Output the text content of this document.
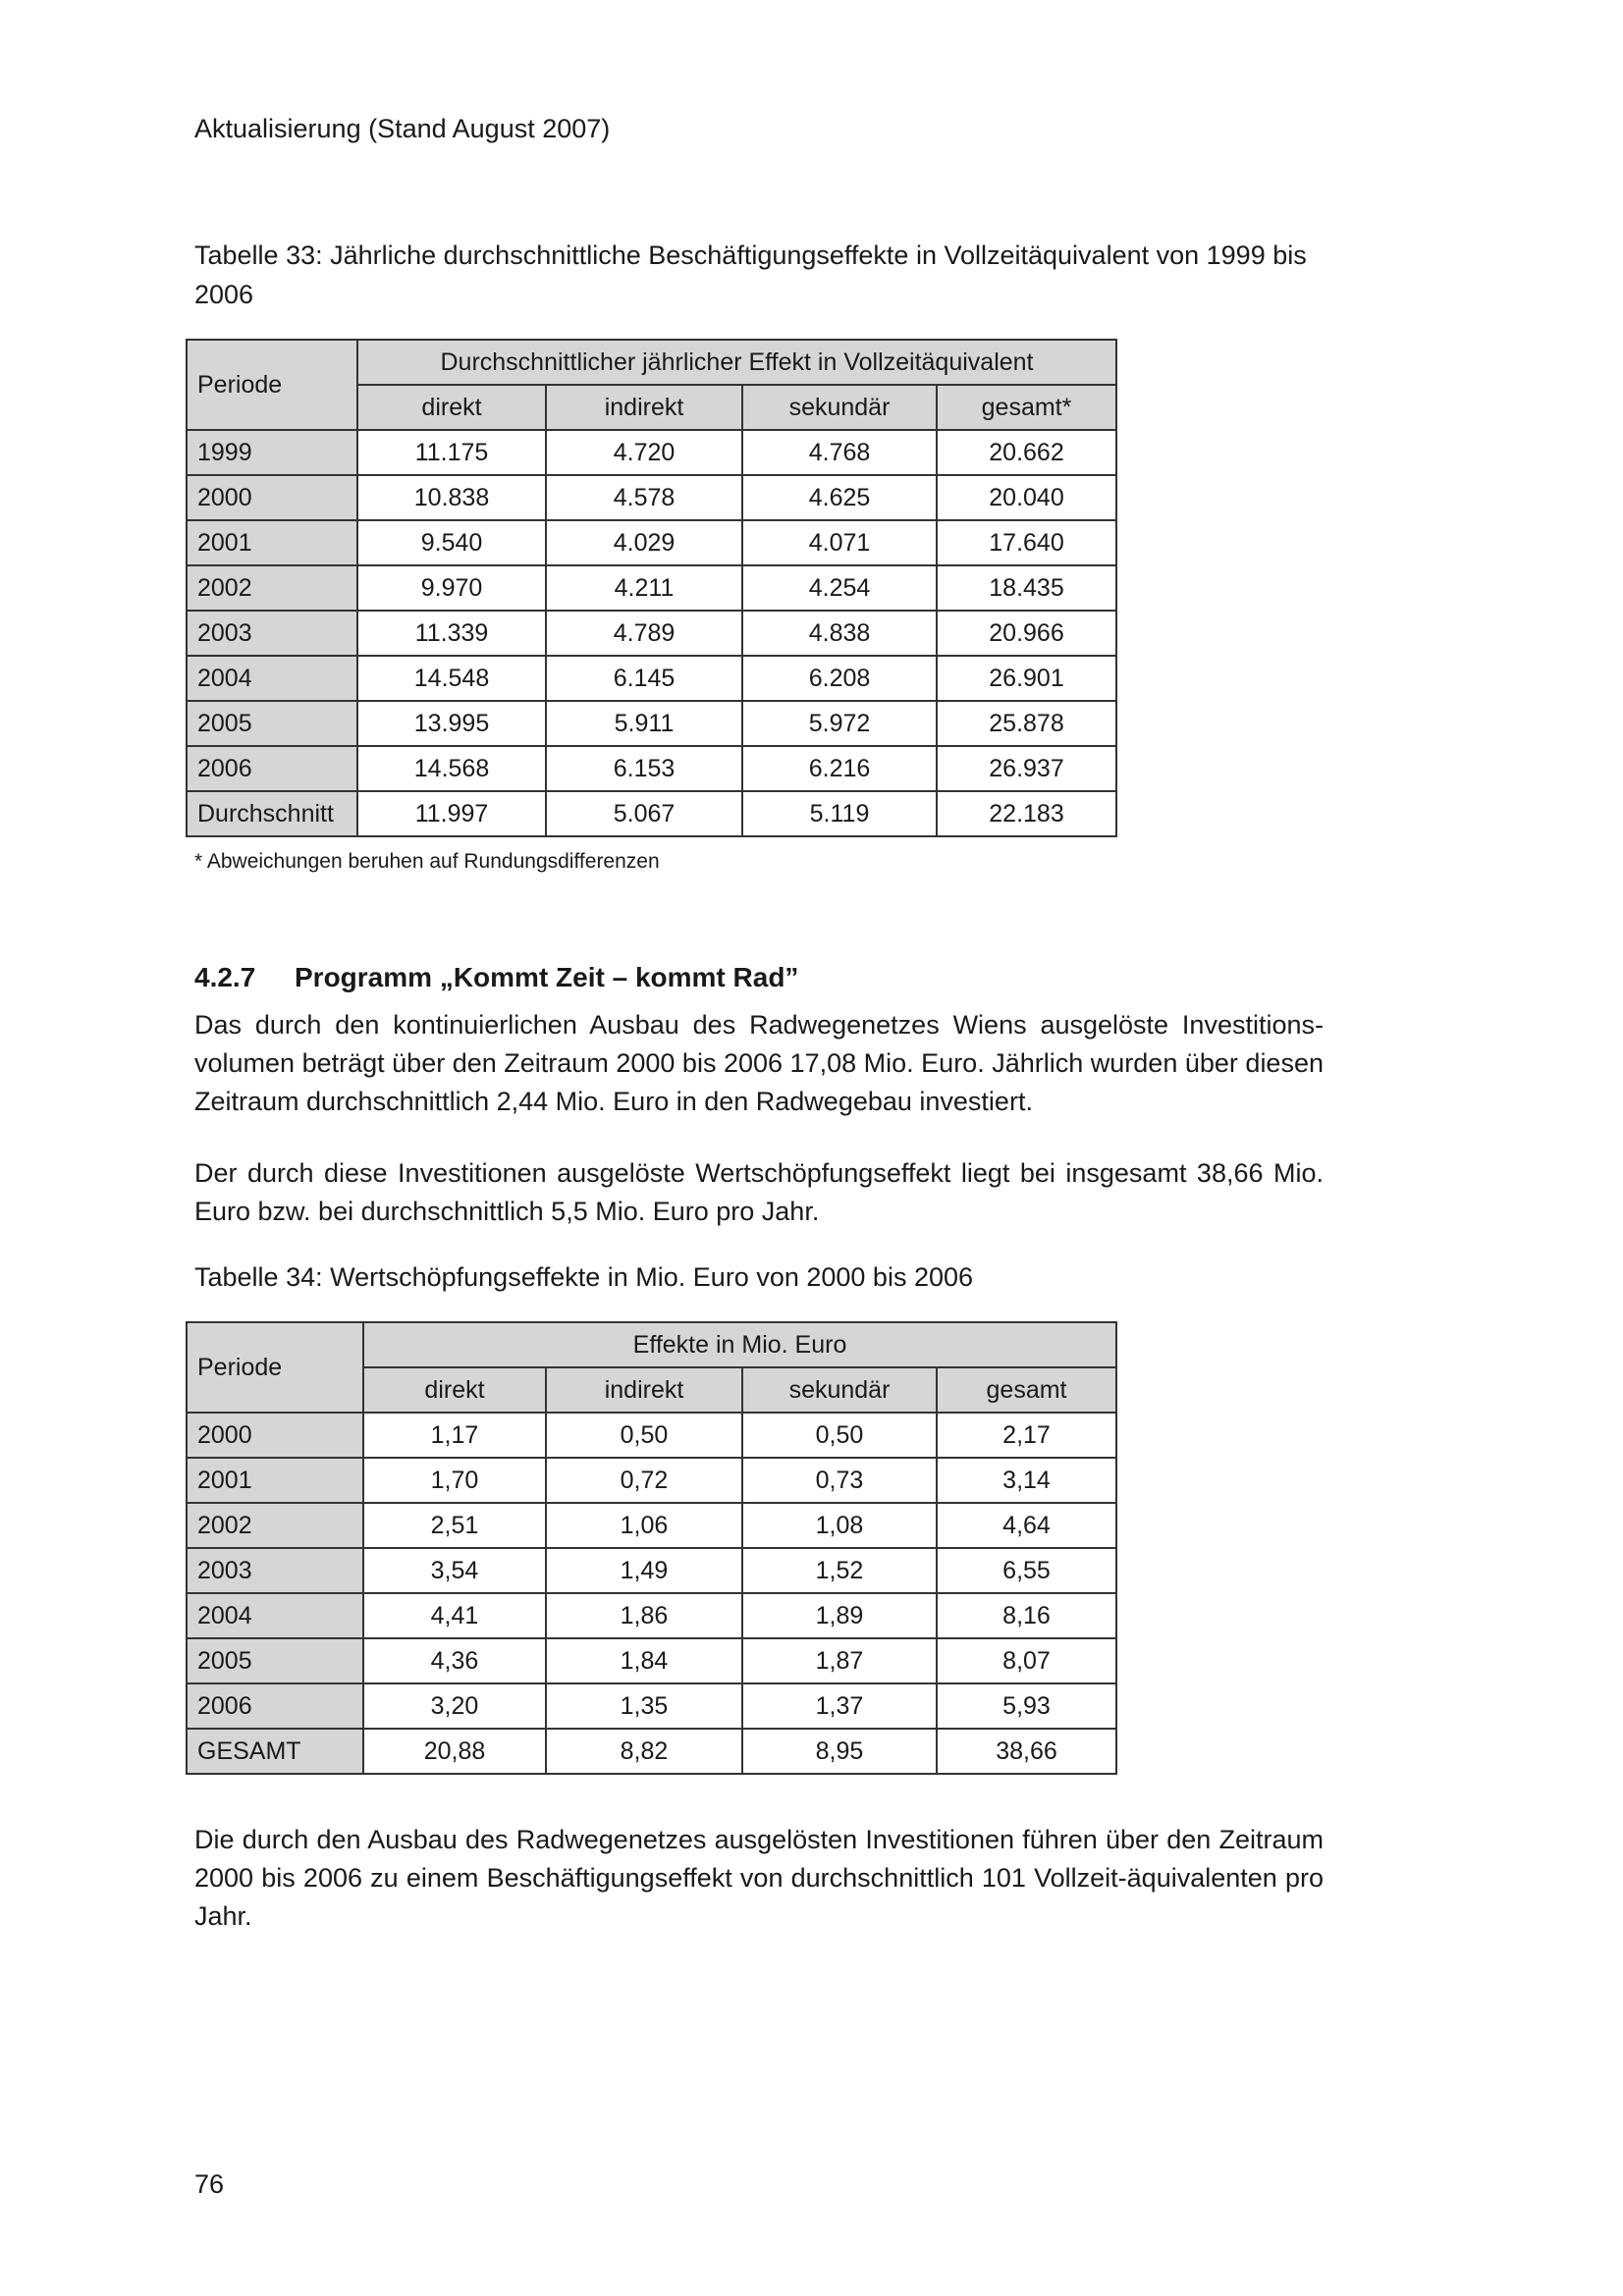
Aktualisierung (Stand August 2007)
Tabelle 33: Jährliche durchschnittliche Beschäftigungseffekte in Vollzeitäquivalent von 1999 bis 2006
Periode	Durchschnittlicher jährlicher Effekt in Vollzeitäquivalent			
	direkt	indirekt	sekundär	gesamt*
1999	11.175	4.720	4.768	20.662
2000	10.838	4.578	4.625	20.040
2001	9.540	4.029	4.071	17.640
2002	9.970	4.211	4.254	18.435
2003	11.339	4.789	4.838	20.966
2004	14.548	6.145	6.208	26.901
2005	13.995	5.911	5.972	25.878
2006	14.568	6.153	6.216	26.937
Durchschnitt	11.997	5.067	5.119	22.183
* Abweichungen beruhen auf Rundungsdifferenzen
4.2.7 Programm „Kommt Zeit – kommt Rad”
Das durch den kontinuierlichen Ausbau des Radwegenetzes Wiens ausgelöste Investitions-volumen beträgt über den Zeitraum 2000 bis 2006 17,08 Mio. Euro. Jährlich wurden über diesen Zeitraum durchschnittlich 2,44 Mio. Euro in den Radwegebau investiert.
Der durch diese Investitionen ausgelöste Wertschöpfungseffekt liegt bei insgesamt 38,66 Mio. Euro bzw. bei durchschnittlich 5,5 Mio. Euro pro Jahr.
Tabelle 34: Wertschöpfungseffekte in Mio. Euro von 2000 bis 2006
Periode	Effekte in Mio. Euro			
	direkt	indirekt	sekundär	gesamt
2000	1,17	0,50	0,50	2,17
2001	1,70	0,72	0,73	3,14
2002	2,51	1,06	1,08	4,64
2003	3,54	1,49	1,52	6,55
2004	4,41	1,86	1,89	8,16
2005	4,36	1,84	1,87	8,07
2006	3,20	1,35	1,37	5,93
GESAMT	20,88	8,82	8,95	38,66
Die durch den Ausbau des Radwegenetzes ausgelösten Investitionen führen über den Zeitraum 2000 bis 2006 zu einem Beschäftigungseffekt von durchschnittlich 101 Vollzeit-äquivalenten pro Jahr.
76
